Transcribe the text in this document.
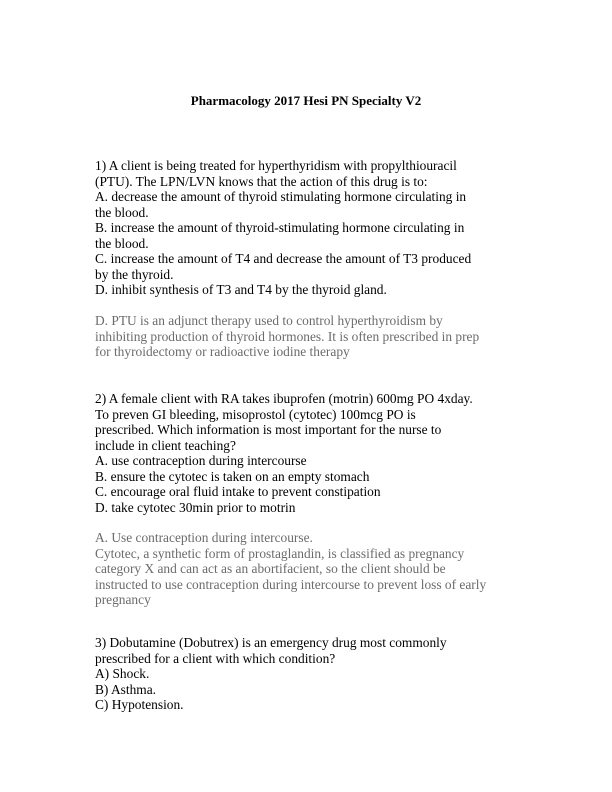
Pharmacology 2017 Hesi PN Specialty V2
1) A client is being treated for hyperthyridism with propylthiouracil
(PTU). The LPN/LVN knows that the action of this drug is to:
A. decrease the amount of thyroid stimulating hormone circulating in
the blood.
B. increase the amount of thyroid-stimulating hormone circulating in
the blood.
C. increase the amount of T4 and decrease the amount of T3 produced
by the thyroid.
D. inhibit synthesis of T3 and T4 by the thyroid gland.
D. PTU is an adjunct therapy used to control hyperthyroidism by
inhibiting production of thyroid hormones. It is often prescribed in prep
for thyroidectomy or radioactive iodine therapy
2) A female client with RA takes ibuprofen (motrin) 600mg PO 4xday.
To preven GI bleeding, misoprostol (cytotec) 100mcg PO is
prescribed. Which information is most important for the nurse to
include in client teaching?
A. use contraception during intercourse
B. ensure the cytotec is taken on an empty stomach
C. encourage oral fluid intake to prevent constipation
D. take cytotec 30min prior to motrin
A. Use contraception during intercourse.
Cytotec, a synthetic form of prostaglandin, is classified as pregnancy
category X and can act as an abortifacient, so the client should be
instructed to use contraception during intercourse to prevent loss of early
pregnancy
3) Dobutamine (Dobutrex) is an emergency drug most commonly
prescribed for a client with which condition?
A) Shock.
B) Asthma.
C) Hypotension.
